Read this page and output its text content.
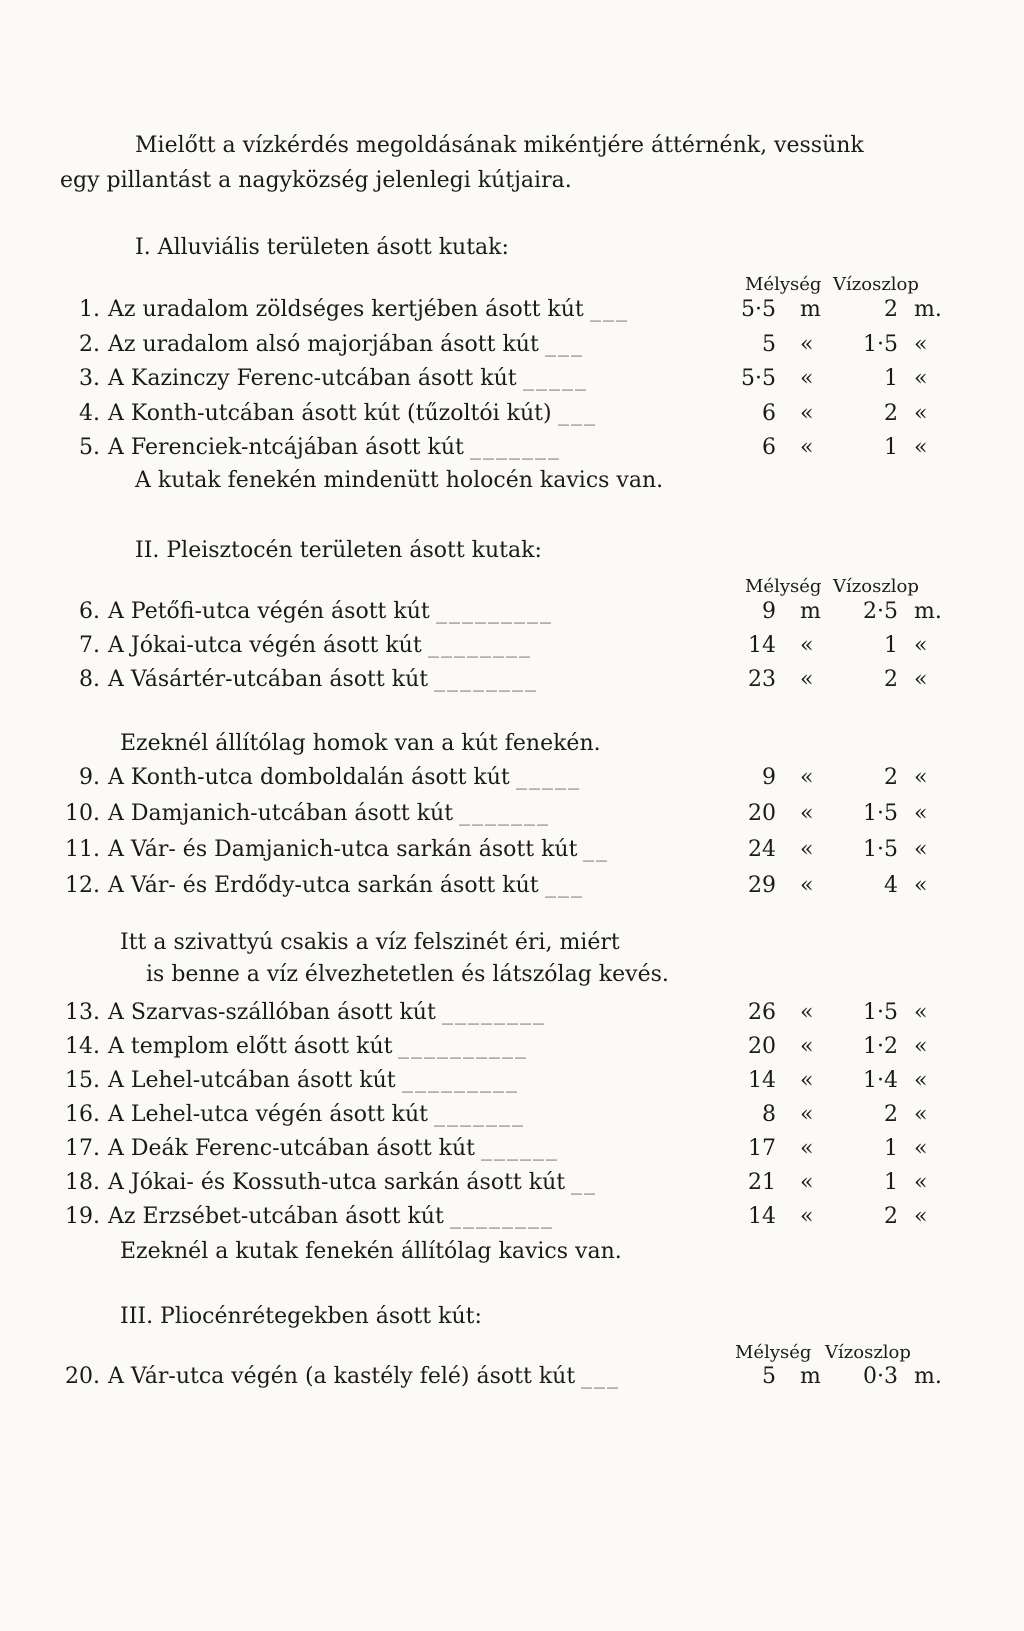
Mielőtt a vízkérdés megoldásának mikéntjére áttérnénk, vessünk
egy pillantást a nagyközség jelenlegi kútjaira.
I. Alluviális területen ásott kutak:
Mélység Vízoszlop
1. Az uradalom zöldséges kertjében ásott kút	5·5 m	2 m.
___
2. Az uradalom alsó majorjában ásott kút	5 «	1·5 «
___
3. A Kazinczy Ferenc-utcában ásott kút	5·5 «	1 «
_____
4. A Konth-utcában ásott kút (tűzoltói kút)	6 «	2 «
___
5. A Ferenciek-ntcájában ásott kút	6 «	1 «
_______
A kutak fenekén mindenütt holocén kavics van.
II. Pleisztocén területen ásott kutak:
Mélység Vízoszlop
6. A Petőfi-utca végén ásott kút	9 m	2·5 m.
_________
7. A Jókai-utca végén ásott kút	14 «	1 «
________
8. A Vásártér-utcában ásott kút	23 «	2 «
________
Ezeknél állítólag homok van a kút fenekén.
9. A Konth-utca domboldalán ásott kút	9 «	2 «
_____
10. A Damjanich-utcában ásott kút	20 «	1·5 «
_______
11. A Vár- és Damjanich-utca sarkán ásott kút	24 «	1·5 «
__
12. A Vár- és Erdődy-utca sarkán ásott kút	29 «	4 «
___
Itt a szivattyú csakis a víz felszinét éri, miért
is benne a víz élvezhetetlen és látszólag kevés.
13. A Szarvas-szállóban ásott kút	26 «	1·5 «
________
14. A templom előtt ásott kút	20 «	1·2 «
__________
15. A Lehel-utcában ásott kút	14 «	1·4 «
_________
16. A Lehel-utca végén ásott kút	8 «	2 «
_______
17. A Deák Ferenc-utcában ásott kút	17 «	1 «
______
18. A Jókai- és Kossuth-utca sarkán ásott kút	21 «	1 «
__
19. Az Erzsébet-utcában ásott kút	14 «	2 «
________
Ezeknél a kutak fenekén állítólag kavics van.
III. Pliocénrétegekben ásott kút:
Mélység Vízoszlop
20. A Vár-utca végén (a kastély felé) ásott kút	5 m	0·3 m.
___
